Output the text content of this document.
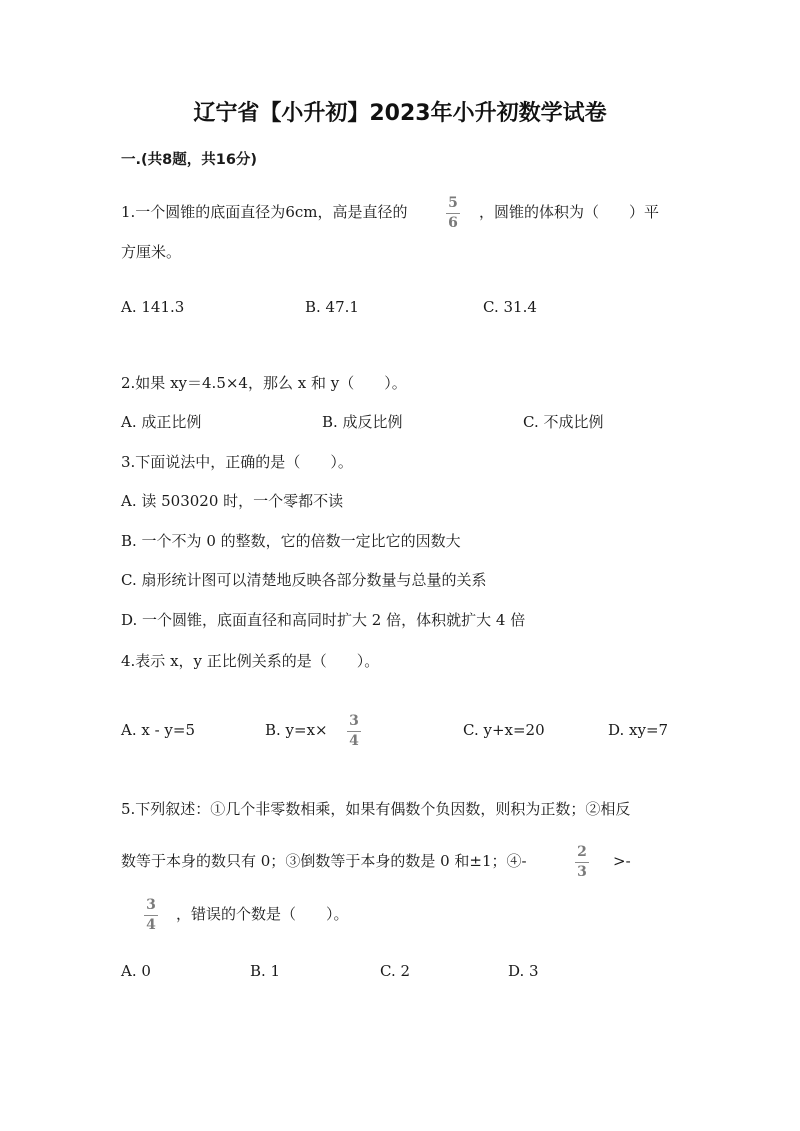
辽宁省【小升初】2023年小升初数学试卷
一.(共8题，共16分)
1.一个圆锥的底面直径为6cm，高是直径的	5
6
，圆锥的体积为（　　）平
方厘米。
A. 141.3	B. 47.1	C. 31.4
2.如果 xy＝4.5×4，那么 x 和 y（　　）。
A. 成正比例	B. 成反比例	C. 不成比例
3.下面说法中，正确的是（　　）。
A. 读 503020 时，一个零都不读
B. 一个不为 0 的整数，它的倍数一定比它的因数大
C. 扇形统计图可以清楚地反映各部分数量与总量的关系
D. 一个圆锥，底面直径和高同时扩大 2 倍，体积就扩大 4 倍
4.表示 x，y 正比例关系的是（　　）。
A. x - y=5	B. y=x× 3
4
C. y+x=20	D. xy=7
5.下列叙述：①几个非零数相乘，如果有偶数个负因数，则积为正数；②相反
数等于本身的数只有 0；③倒数等于本身的数是 0 和±1；④-	2
3
>-
3
4
，错误的个数是（　　）。
A. 0	B. 1	C. 2	D. 3
